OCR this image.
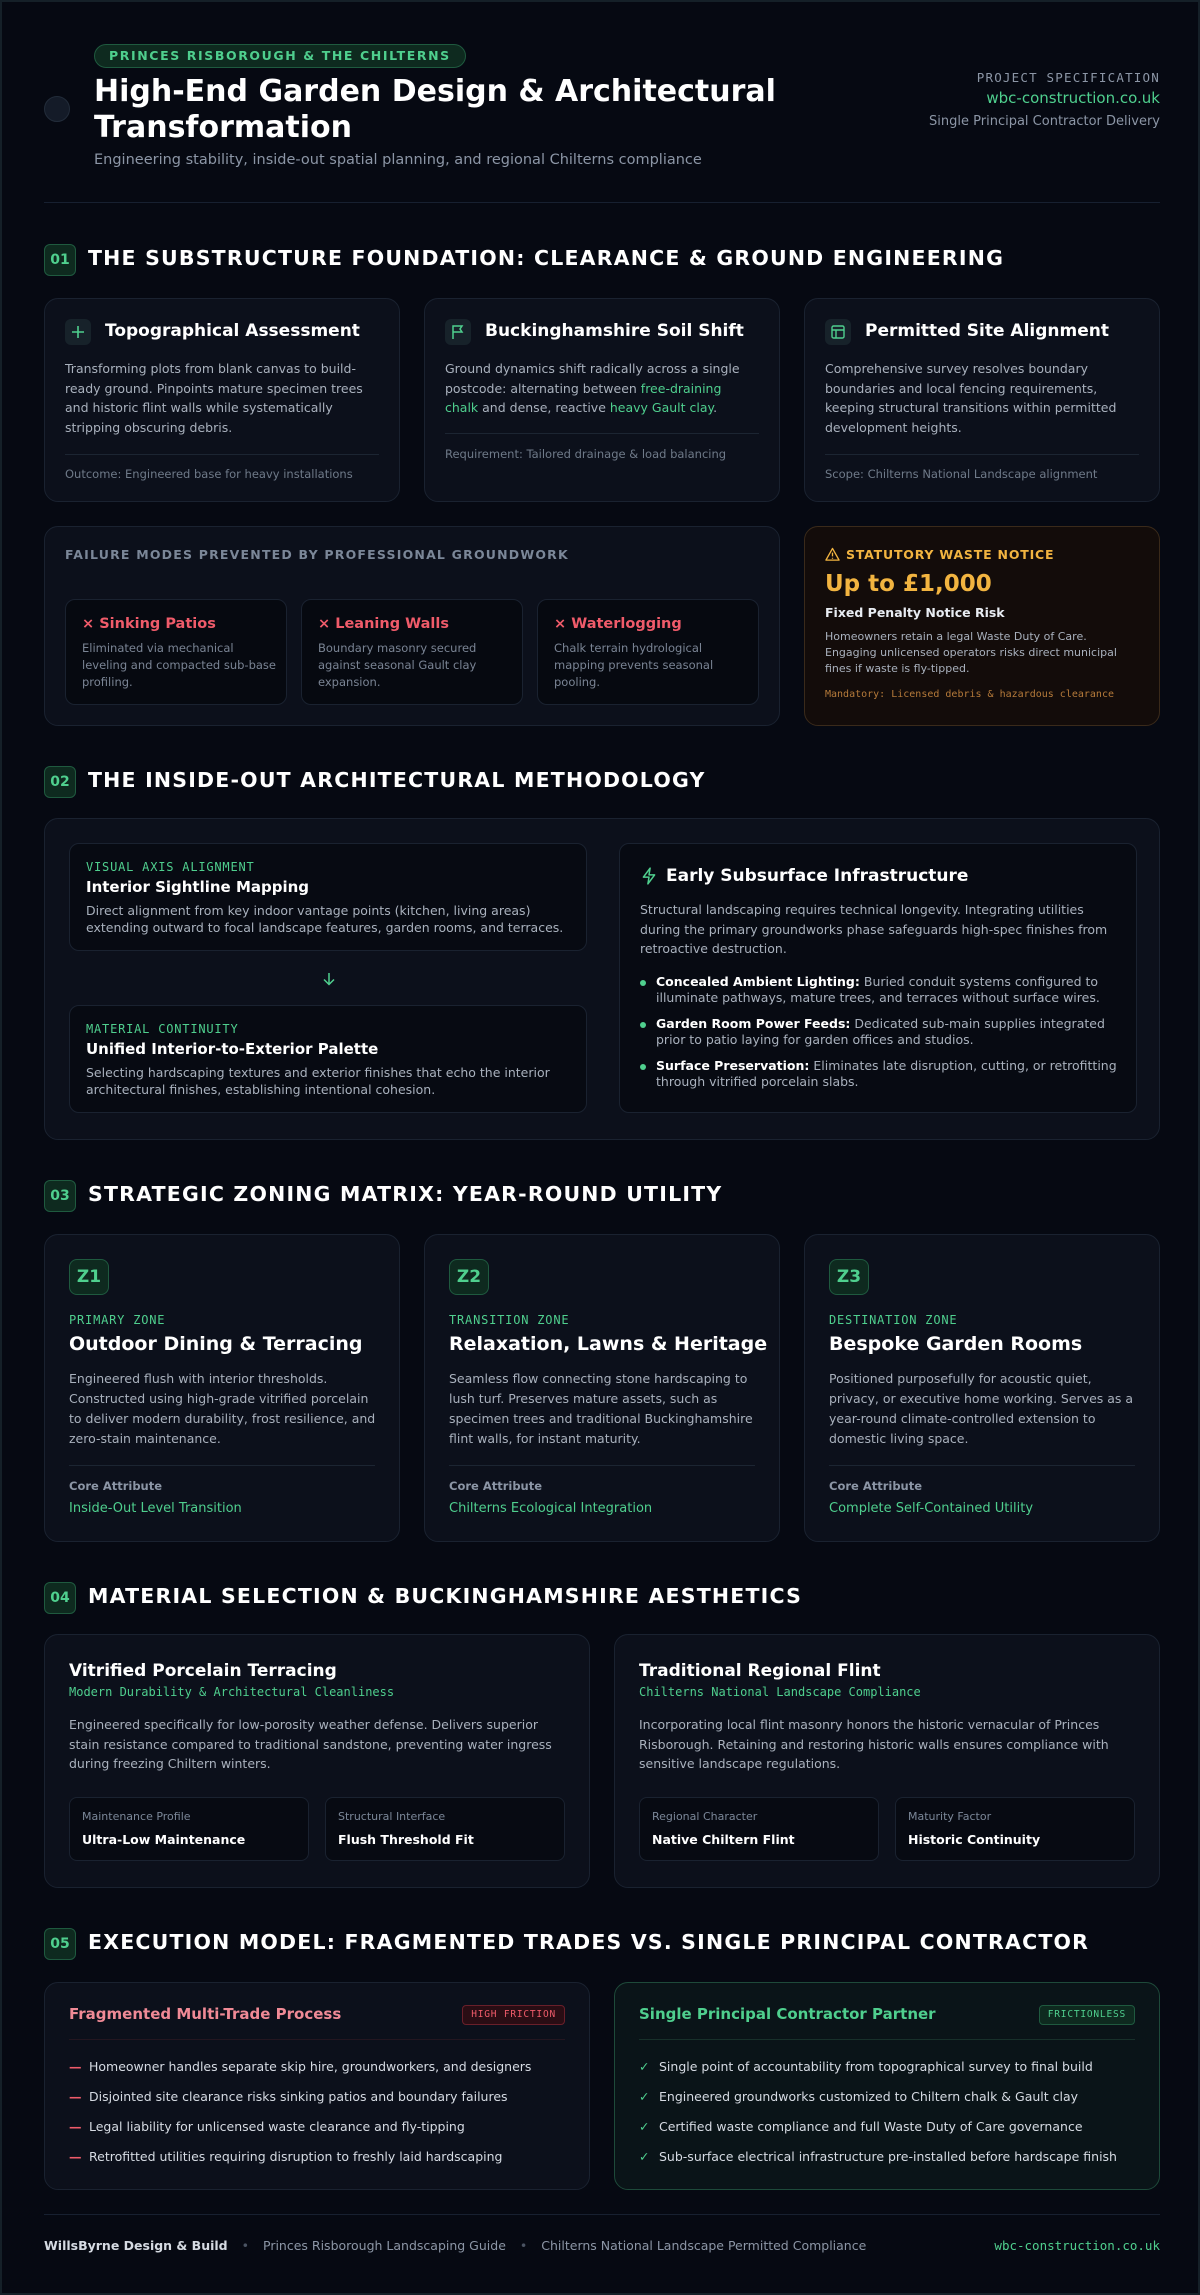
PRINCES RISBOROUGH & THE CHILTERNS
High-End Garden Design & Architectural Transformation
Engineering stability, inside-out spatial planning, and regional Chilterns compliance
PROJECT SPECIFICATION
wbc-construction.co.uk
Single Principal Contractor Delivery
01 THE SUBSTRUCTURE FOUNDATION: CLEARANCE & GROUND ENGINEERING
Topographical Assessment
Transforming plots from blank canvas to build-ready ground. Pinpoints mature specimen trees and historic flint walls while systematically stripping obscuring debris.
Outcome: Engineered base for heavy installations
Buckinghamshire Soil Shift
Ground dynamics shift radically across a single postcode: alternating between free-draining chalk and dense, reactive heavy Gault clay.
Requirement: Tailored drainage & load balancing
Permitted Site Alignment
Comprehensive survey resolves boundary boundaries and local fencing requirements, keeping structural transitions within permitted development heights.
Scope: Chilterns National Landscape alignment
FAILURE MODES PREVENTED BY PROFESSIONAL GROUNDWORK
× Sinking Patios
Eliminated via mechanical leveling and compacted sub-base profiling.
× Leaning Walls
Boundary masonry secured against seasonal Gault clay expansion.
× Waterlogging
Chalk terrain hydrological mapping prevents seasonal pooling.
STATUTORY WASTE NOTICE
Up to £1,000
Fixed Penalty Notice Risk
Homeowners retain a legal Waste Duty of Care. Engaging unlicensed operators risks direct municipal fines if waste is fly-tipped.
Mandatory: Licensed debris & hazardous clearance
02 THE INSIDE-OUT ARCHITECTURAL METHODOLOGY
VISUAL AXIS ALIGNMENT
Interior Sightline Mapping
Direct alignment from key indoor vantage points (kitchen, living areas) extending outward to focal landscape features, garden rooms, and terraces.
MATERIAL CONTINUITY
Unified Interior-to-Exterior Palette
Selecting hardscaping textures and exterior finishes that echo the interior architectural finishes, establishing intentional cohesion.
Early Subsurface Infrastructure
Structural landscaping requires technical longevity. Integrating utilities during the primary groundworks phase safeguards high-spec finishes from retroactive destruction.
Concealed Ambient Lighting: Buried conduit systems configured to illuminate pathways, mature trees, and terraces without surface wires.
Garden Room Power Feeds: Dedicated sub-main supplies integrated prior to patio laying for garden offices and studios.
Surface Preservation: Eliminates late disruption, cutting, or retrofitting through vitrified porcelain slabs.
03 STRATEGIC ZONING MATRIX: YEAR-ROUND UTILITY
Z1
PRIMARY ZONE
Outdoor Dining & Terracing
Engineered flush with interior thresholds. Constructed using high-grade vitrified porcelain to deliver modern durability, frost resilience, and zero-stain maintenance.
Core Attribute
Inside-Out Level Transition
Z2
TRANSITION ZONE
Relaxation, Lawns & Heritage
Seamless flow connecting stone hardscaping to lush turf. Preserves mature assets, such as specimen trees and traditional Buckinghamshire flint walls, for instant maturity.
Core Attribute
Chilterns Ecological Integration
Z3
DESTINATION ZONE
Bespoke Garden Rooms
Positioned purposefully for acoustic quiet, privacy, or executive home working. Serves as a year-round climate-controlled extension to domestic living space.
Core Attribute
Complete Self-Contained Utility
04 MATERIAL SELECTION & BUCKINGHAMSHIRE AESTHETICS
Vitrified Porcelain Terracing
Modern Durability & Architectural Cleanliness
Engineered specifically for low-porosity weather defense. Delivers superior stain resistance compared to traditional sandstone, preventing water ingress during freezing Chiltern winters.
Maintenance Profile
Ultra-Low Maintenance
Structural Interface
Flush Threshold Fit
Traditional Regional Flint
Chilterns National Landscape Compliance
Incorporating local flint masonry honors the historic vernacular of Princes Risborough. Retaining and restoring historic walls ensures compliance with sensitive landscape regulations.
Regional Character
Native Chiltern Flint
Maturity Factor
Historic Continuity
05 EXECUTION MODEL: FRAGMENTED TRADES VS. SINGLE PRINCIPAL CONTRACTOR
Fragmented Multi-Trade Process	HIGH FRICTION
— Homeowner handles separate skip hire, groundworkers, and designers
— Disjointed site clearance risks sinking patios and boundary failures
— Legal liability for unlicensed waste clearance and fly-tipping
— Retrofitted utilities requiring disruption to freshly laid hardscaping
Single Principal Contractor Partner	FRICTIONLESS
✓ Single point of accountability from topographical survey to final build
✓ Engineered groundworks customized to Chiltern chalk & Gault clay
✓ Certified waste compliance and full Waste Duty of Care governance
✓ Sub-surface electrical infrastructure pre-installed before hardscape finish
WillsByrne Design & Build • Princes Risborough Landscaping Guide • Chilterns National Landscape Permitted Compliance	wbc-construction.co.uk
